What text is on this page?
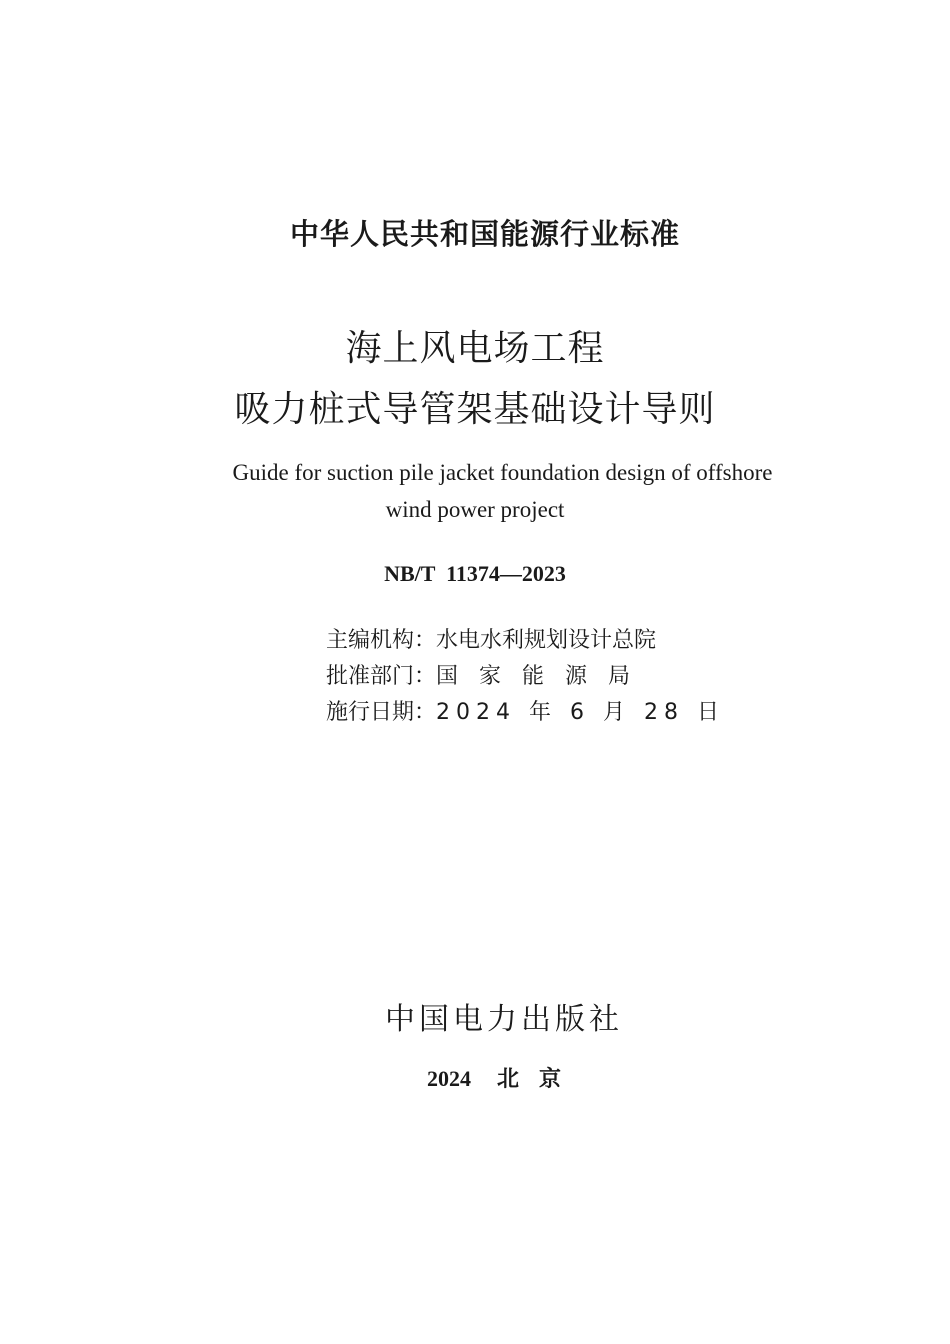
中华人民共和国能源行业标准
海上风电场工程
吸力桩式导管架基础设计导则
Guide for suction pile jacket foundation design of offshore
wind power project
NB/T  11374—2023
主编机构：水电水利规划设计总院
批准部门：国家能源局
施行日期：2024 年 6 月 28 日
中国电力出版社
2024 北京
